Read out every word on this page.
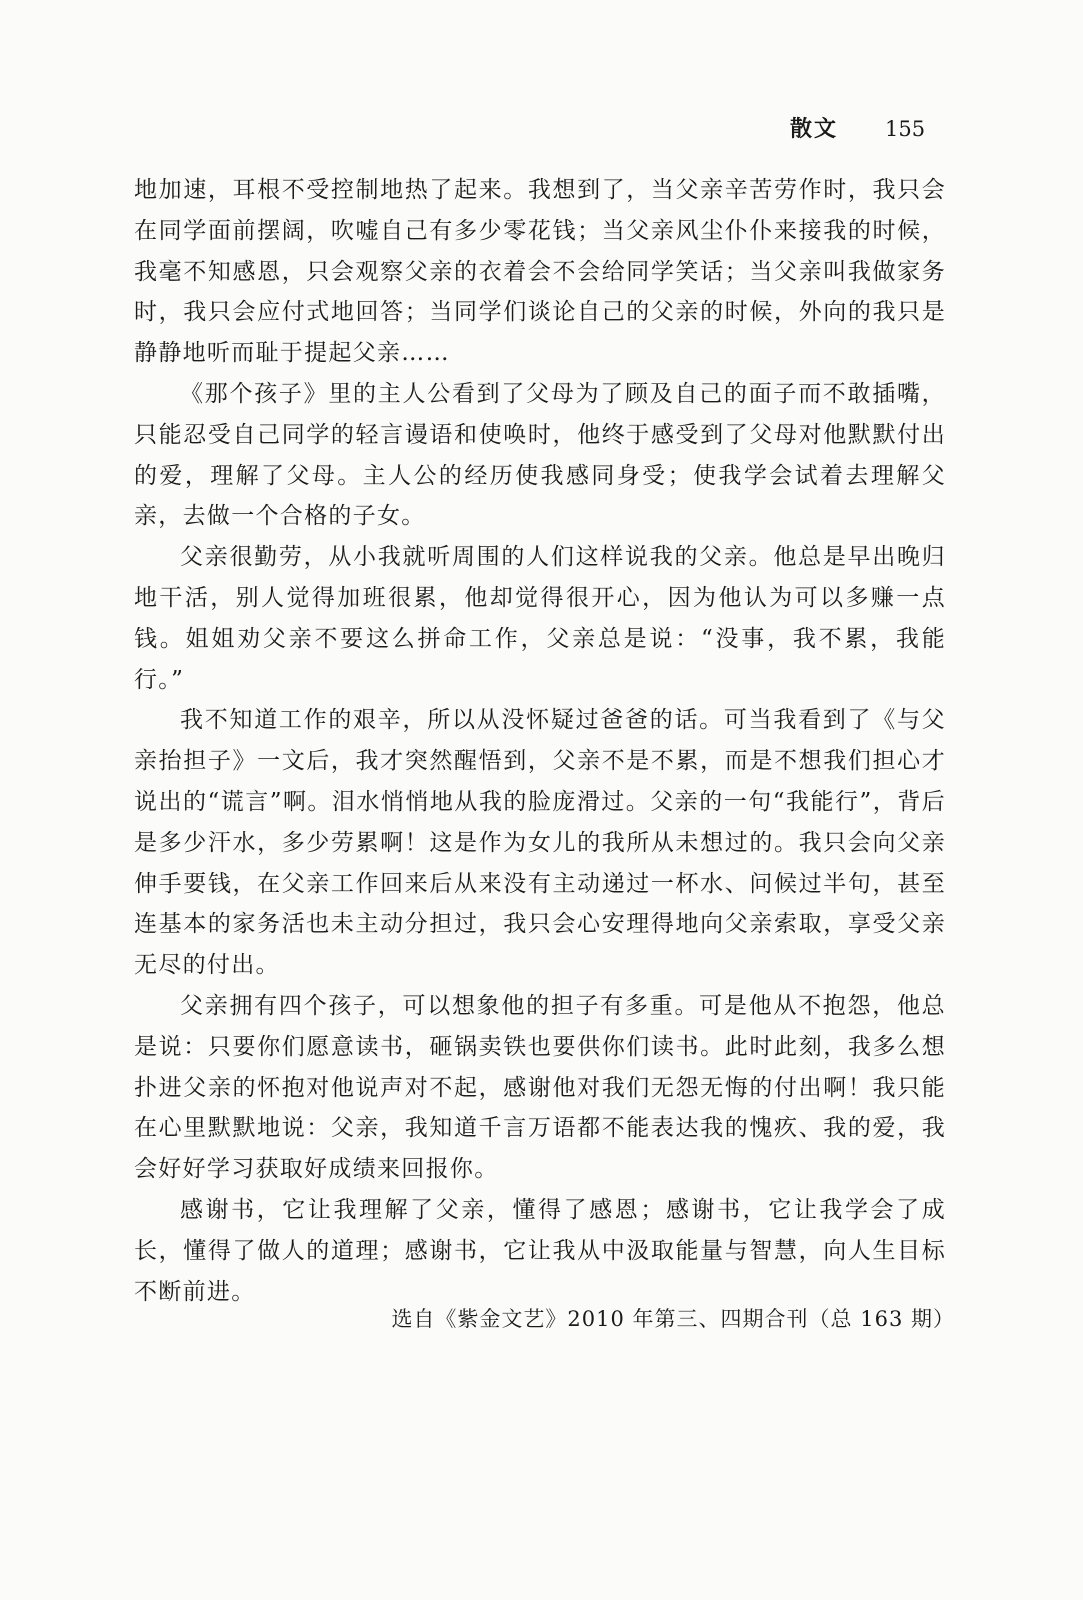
散文 155

地加速，耳根不受控制地热了起来。我想到了，当父亲辛苦劳作时，我只会在同学面前摆阔，吹嘘自己有多少零花钱；当父亲风尘仆仆来接我的时候，我毫不知感恩，只会观察父亲的衣着会不会给同学笑话；当父亲叫我做家务时，我只会应付式地回答；当同学们谈论自己的父亲的时候，外向的我只是静静地听而耻于提起父亲……

《那个孩子》里的主人公看到了父母为了顾及自己的面子而不敢插嘴，只能忍受自己同学的轻言谩语和使唤时，他终于感受到了父母对他默默付出的爱，理解了父母。主人公的经历使我感同身受；使我学会试着去理解父亲，去做一个合格的子女。

父亲很勤劳，从小我就听周围的人们这样说我的父亲。他总是早出晚归地干活，别人觉得加班很累，他却觉得很开心，因为他认为可以多赚一点钱。姐姐劝父亲不要这么拼命工作，父亲总是说：“没事，我不累，我能行。”

我不知道工作的艰辛，所以从没怀疑过爸爸的话。可当我看到了《与父亲抬担子》一文后，我才突然醒悟到，父亲不是不累，而是不想我们担心才说出的“谎言”啊。泪水悄悄地从我的脸庞滑过。父亲的一句“我能行”，背后是多少汗水，多少劳累啊！这是作为女儿的我所从未想过的。我只会向父亲伸手要钱，在父亲工作回来后从来没有主动递过一杯水、问候过半句，甚至连基本的家务活也未主动分担过，我只会心安理得地向父亲索取，享受父亲无尽的付出。

父亲拥有四个孩子，可以想象他的担子有多重。可是他从不抱怨，他总是说：只要你们愿意读书，砸锅卖铁也要供你们读书。此时此刻，我多么想扑进父亲的怀抱对他说声对不起，感谢他对我们无怨无悔的付出啊！我只能在心里默默地说：父亲，我知道千言万语都不能表达我的愧疚、我的爱，我会好好学习获取好成绩来回报你。

感谢书，它让我理解了父亲，懂得了感恩；感谢书，它让我学会了成长，懂得了做人的道理；感谢书，它让我从中汲取能量与智慧，向人生目标不断前进。

选自《紫金文艺》2010 年第三、四期合刊（总 163 期）
